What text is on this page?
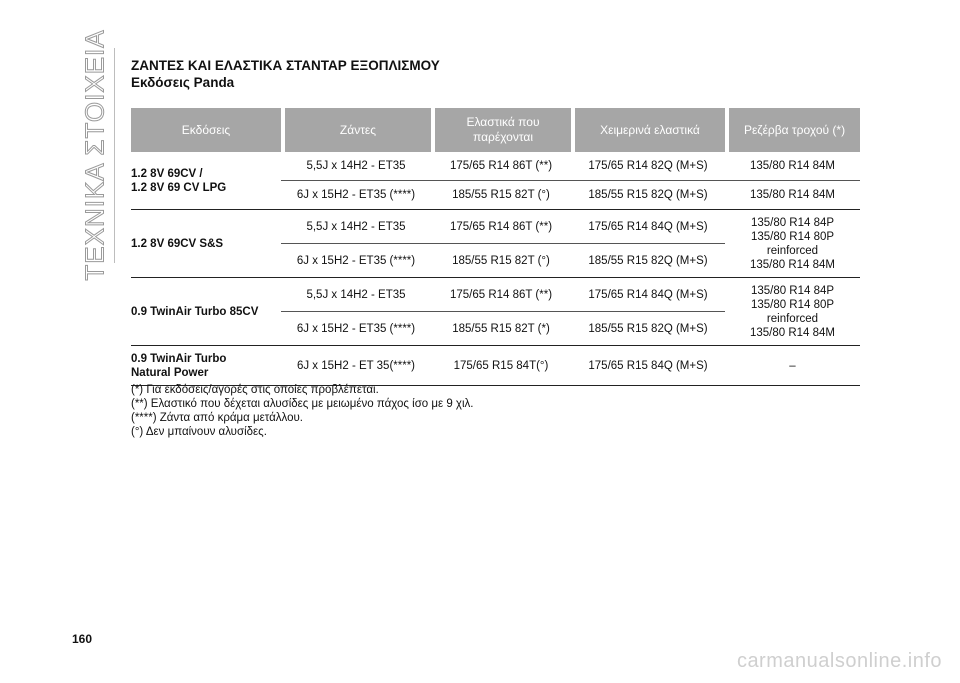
ΤΕΧΝΙΚΑ ΣΤΟΙΧΕΙΑ ΖΑΝΤΕΣ ΚΑΙ ΕΛΑΣΤΙΚΑ ΣΤΑΝΤΑΡ ΕΞΟΠΛΙΣΜΟΥ
Εκδόσεις Panda
Εκδόσεις	Ζάντες	Ελαστικά που παρέχονται	Χειμερινά ελαστικά	Ρεζέρβα τροχού (*)

1.2 8V 69CV /
1.2 8V 69 CV LPG	5,5J x 14H2 - ET35	175/65 R14 86T (**)	175/65 R14 82Q (M+S)	135/80 R14 84M
	6J x 15H2 - ET35 (****)	185/55 R15 82T (°)	185/55 R15 82Q (M+S)	135/80 R14 84M

1.2 8V 69CV S&S	5,5J x 14H2 - ET35	175/65 R14 86T (**)	175/65 R14 84Q (M+S)	135/80 R14 84P
135/80 R14 80P
reinforced
135/80 R14 84M

	6J x 15H2 - ET35 (****)	185/55 R15 82T (°)	185/55 R15 82Q (M+S)	

0.9 TwinAir Turbo 85CV	5,5J x 14H2 - ET35	175/65 R14 86T (**)	175/65 R14 84Q (M+S)	135/80 R14 84P
135/80 R14 80P
reinforced
135/80 R14 84M

	6J x 15H2 - ET35 (****)	185/55 R15 82T (*)	185/55 R15 82Q (M+S)	

0.9 TwinAir Turbo
Natural Power	6J x 15H2 - ET 35(****)	175/65 R15 84T(°)	175/65 R15 84Q (M+S)	–
(*) Για εκδόσεις/αγορές στις οποίες προβλέπεται.
(**) Ελαστικό που δέχεται αλυσίδες με μειωμένο πάχος ίσο με 9 χιλ.
(****) Ζάντα από κράμα μετάλλου.
(°) Δεν μπαίνουν αλυσίδες.
160
carmanualsonline.info
